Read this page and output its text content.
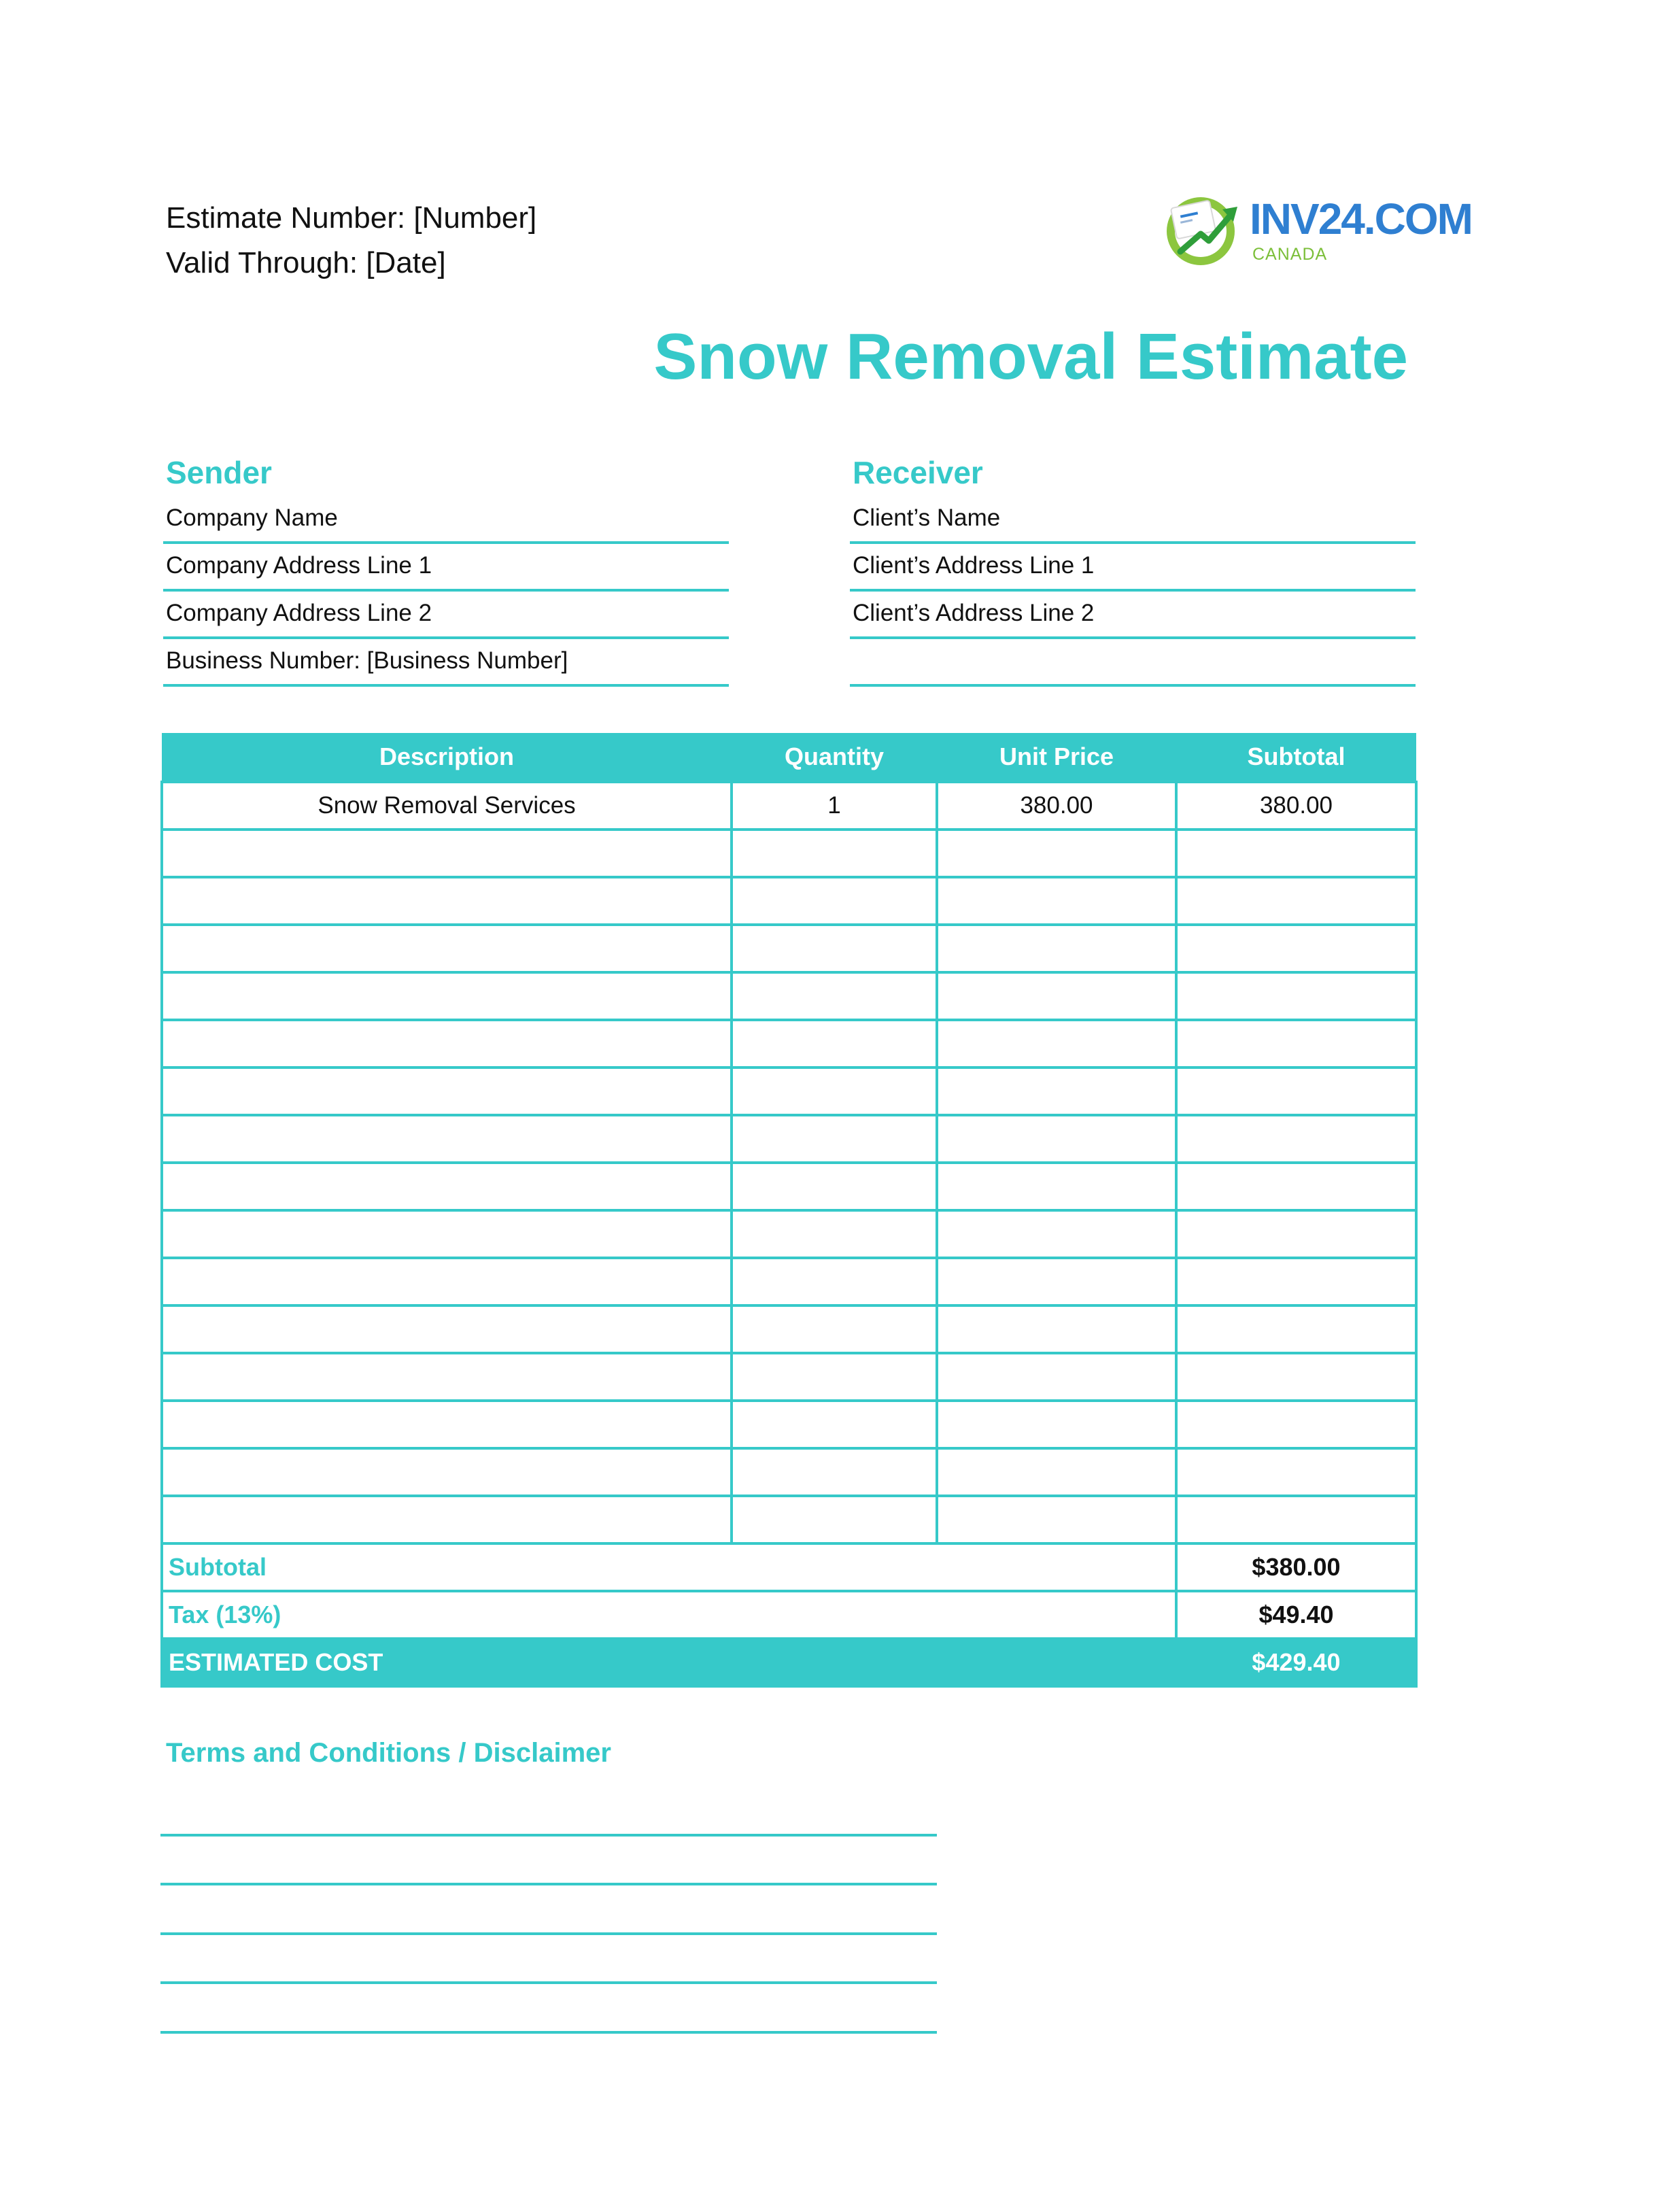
Estimate Number: [Number]
Valid Through: [Date]
INV24.COM
CANADA
Snow Removal Estimate
Sender
Company Name
Company Address Line 1
Company Address Line 2
Business Number: [Business Number]
Receiver
Client’s Name
Client’s Address Line 1
Client’s Address Line 2
Description	Quantity	Unit Price	Subtotal
Snow Removal Services	1	380.00	380.00

Subtotal	$380.00
Tax (13%)	$49.40
ESTIMATED COST	$429.40
Terms and Conditions / Disclaimer
